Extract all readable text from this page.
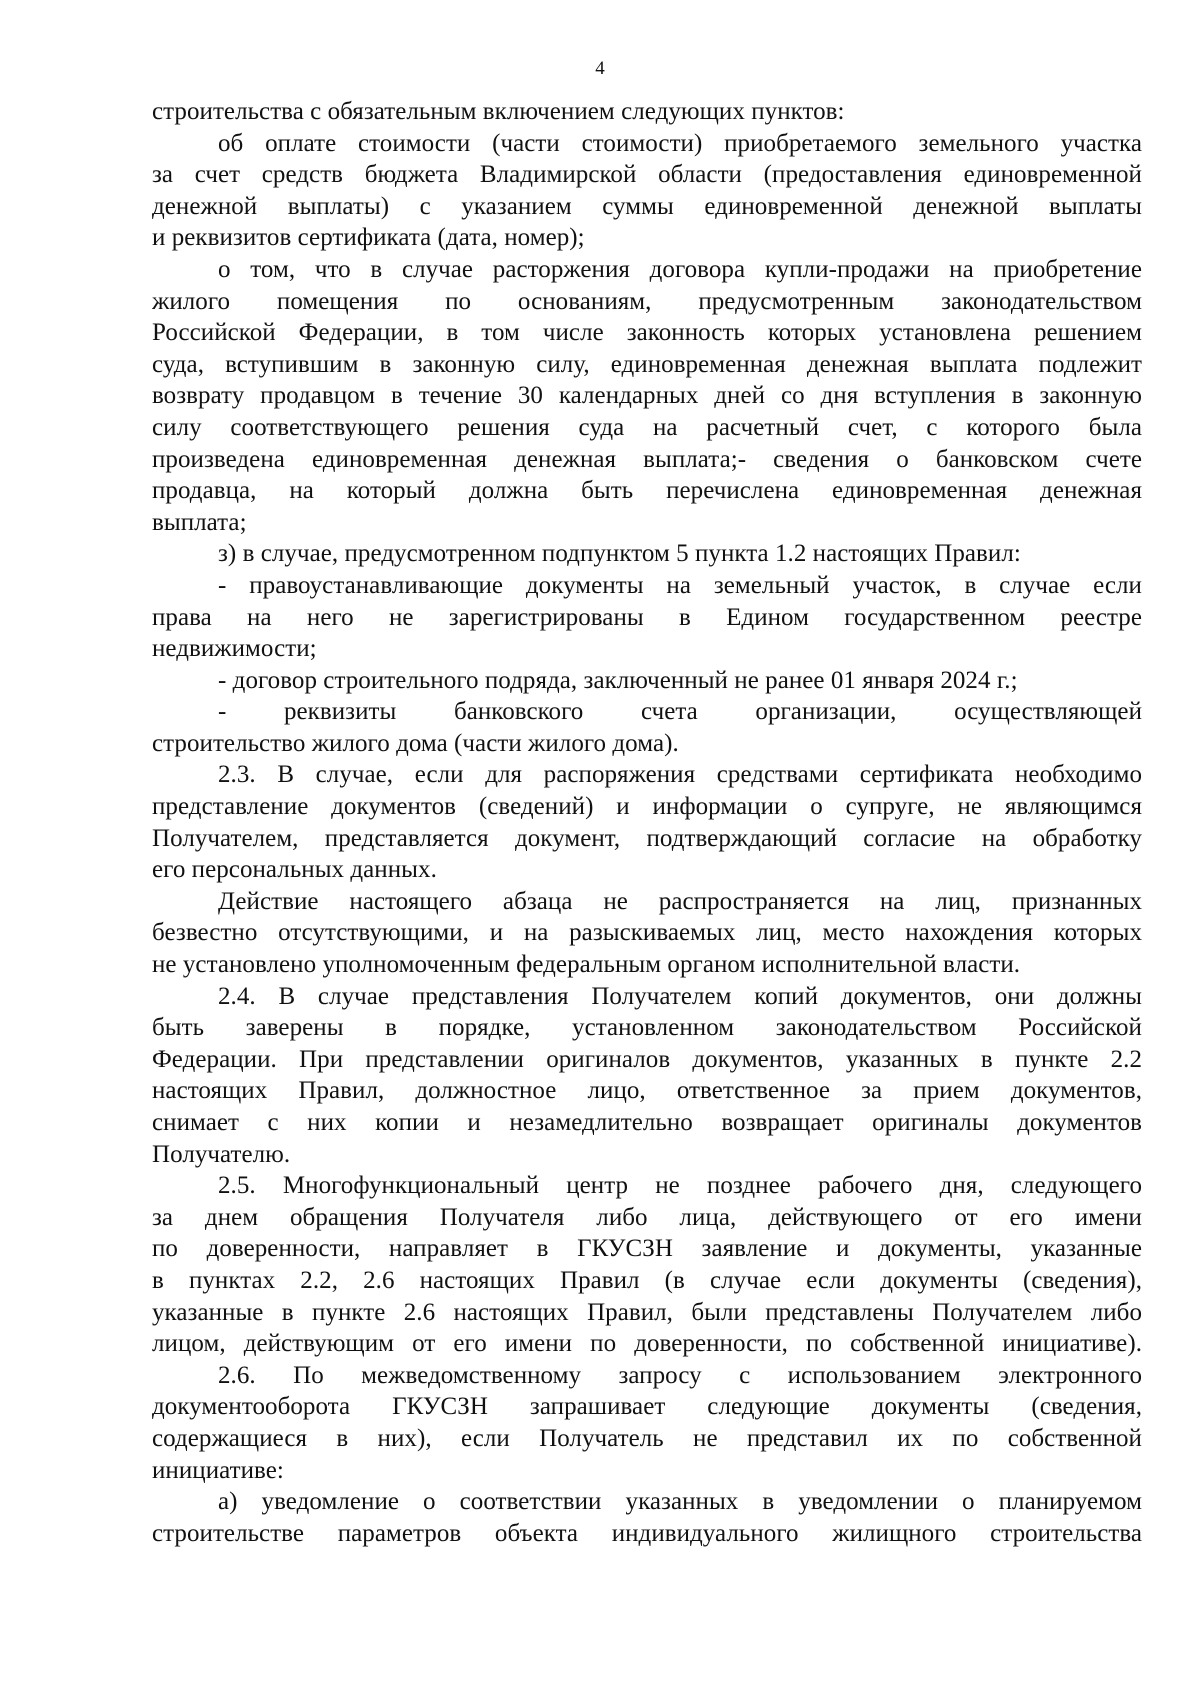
4
строительства с обязательным включением следующих пунктов:
об оплате стоимости (части стоимости) приобретаемого земельного участка
за счет средств бюджета Владимирской области (предоставления единовременной
денежной выплаты) с указанием суммы единовременной денежной выплаты
и реквизитов сертификата (дата, номер);
о том, что в случае расторжения договора купли-продажи на приобретение
жилого помещения по основаниям, предусмотренным законодательством
Российской Федерации, в том числе законность которых установлена решением
суда, вступившим в законную силу, единовременная денежная выплата подлежит
возврату продавцом в течение 30 календарных дней со дня вступления в законную
силу соответствующего решения суда на расчетный счет, с которого была
произведена единовременная денежная выплата;- сведения о банковском счете
продавца, на который должна быть перечислена единовременная денежная
выплата;
з) в случае, предусмотренном подпунктом 5 пункта 1.2 настоящих Правил:
- правоустанавливающие документы на земельный участок, в случае если
права на него не зарегистрированы в Едином государственном реестре
недвижимости;
- договор строительного подряда, заключенный не ранее 01 января 2024 г.;
- реквизиты банковского счета организации, осуществляющей
строительство жилого дома (части жилого дома).
2.3. В случае, если для распоряжения средствами сертификата необходимо
представление документов (сведений) и информации о супруге, не являющимся
Получателем, представляется документ, подтверждающий согласие на обработку
его персональных данных.
Действие настоящего абзаца не распространяется на лиц, признанных
безвестно отсутствующими, и на разыскиваемых лиц, место нахождения которых
не установлено уполномоченным федеральным органом исполнительной власти.
2.4. В случае представления Получателем копий документов, они должны
быть заверены в порядке, установленном законодательством Российской
Федерации. При представлении оригиналов документов, указанных в пункте 2.2
настоящих Правил, должностное лицо, ответственное за прием документов,
снимает с них копии и незамедлительно возвращает оригиналы документов
Получателю.
2.5. Многофункциональный центр не позднее рабочего дня, следующего
за днем обращения Получателя либо лица, действующего от его имени
по доверенности, направляет в ГКУСЗН заявление и документы, указанные
в пунктах 2.2, 2.6 настоящих Правил (в случае если документы (сведения),
указанные в пункте 2.6 настоящих Правил, были представлены Получателем либо
лицом, действующим от его имени по доверенности, по собственной инициативе).
2.6. По межведомственному запросу с использованием электронного
документооборота ГКУСЗН запрашивает следующие документы (сведения,
содержащиеся в них), если Получатель не представил их по собственной
инициативе:
а) уведомление о соответствии указанных в уведомлении о планируемом
строительстве параметров объекта индивидуального жилищного строительства
